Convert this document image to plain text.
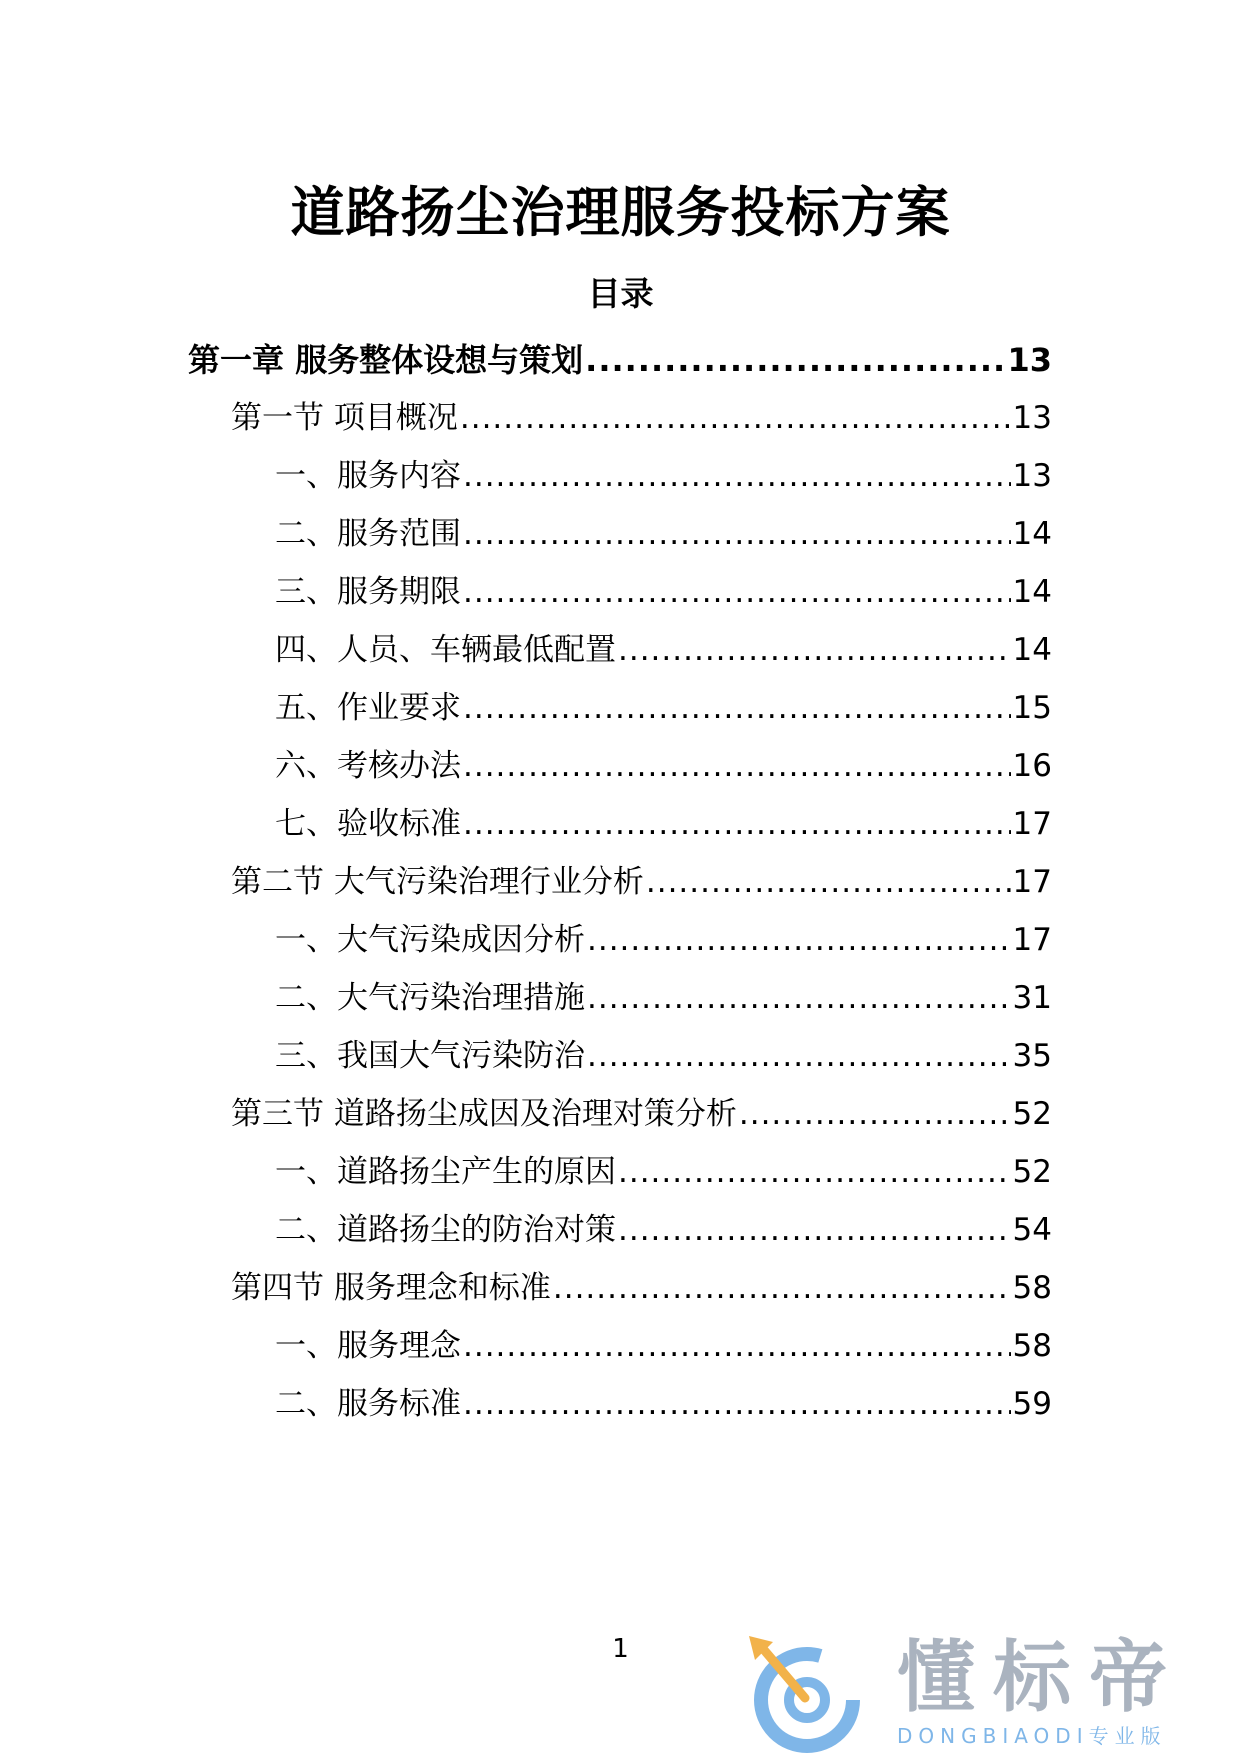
道路扬尘治理服务投标方案
目录
第一章 服务整体设想与策划 .....	13
第一节 项目概况 .....	13
一、服务内容 .....	13
二、服务范围 .....	14
三、服务期限 .....	14
四、人员、车辆最低配置 .....	14
五、作业要求 .....	15
六、考核办法 .....	16
七、验收标准 .....	17
第二节 大气污染治理行业分析 .....	17
一、大气污染成因分析 .....	17
二、大气污染治理措施 .....	31
三、我国大气污染防治 .....	35
第三节 道路扬尘成因及治理对策分析 .....	52
一、道路扬尘产生的原因 .....	52
二、道路扬尘的防治对策 .....	54
第四节 服务理念和标准 .....	58
一、服务理念 .....	58
二、服务标准 .....	59
1	懂标帝
DONGBIAODI专业版
